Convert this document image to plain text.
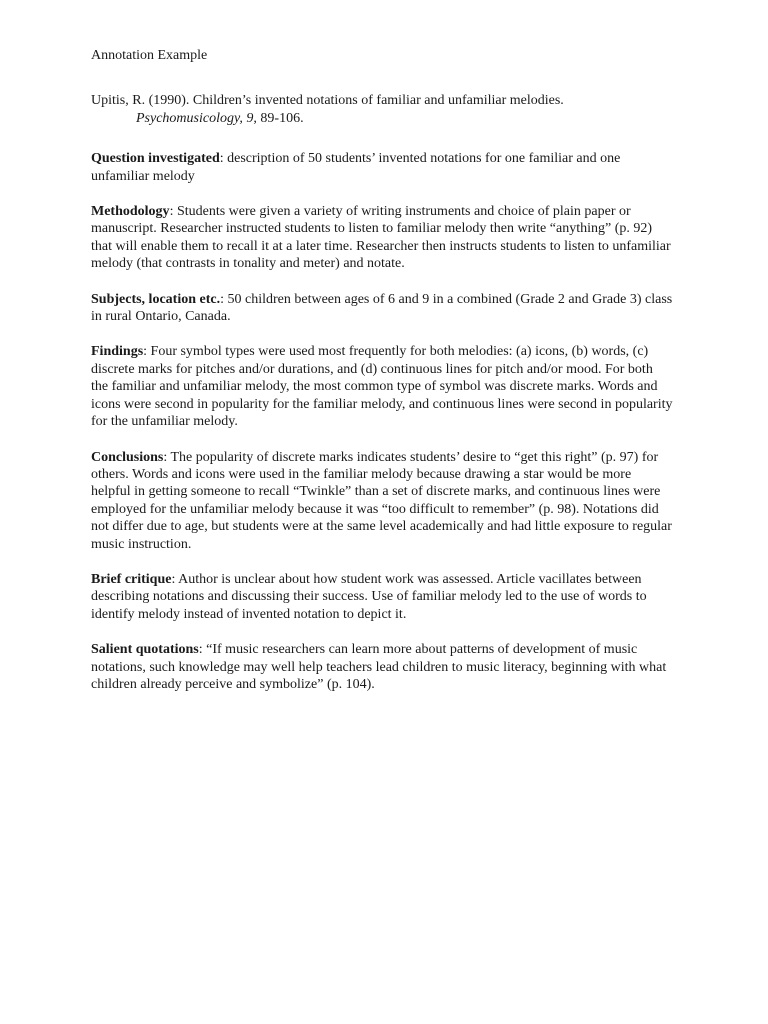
Annotation Example

Upitis, R. (1990). Children’s invented notations of familiar and unfamiliar melodies. Psychomusicology, 9, 89-106.

Question investigated: description of 50 students’ invented notations for one familiar and one unfamiliar melody

Methodology: Students were given a variety of writing instruments and choice of plain paper or manuscript. Researcher instructed students to listen to familiar melody then write “anything” (p. 92) that will enable them to recall it at a later time. Researcher then instructs students to listen to unfamiliar melody (that contrasts in tonality and meter) and notate.

Subjects, location etc.: 50 children between ages of 6 and 9 in a combined (Grade 2 and Grade 3) class in rural Ontario, Canada.

Findings: Four symbol types were used most frequently for both melodies: (a) icons, (b) words, (c) discrete marks for pitches and/or durations, and (d) continuous lines for pitch and/or mood. For both the familiar and unfamiliar melody, the most common type of symbol was discrete marks. Words and icons were second in popularity for the familiar melody, and continuous lines were second in popularity for the unfamiliar melody.

Conclusions: The popularity of discrete marks indicates students’ desire to “get this right” (p. 97) for others. Words and icons were used in the familiar melody because drawing a star would be more helpful in getting someone to recall “Twinkle” than a set of discrete marks, and continuous lines were employed for the unfamiliar melody because it was “too difficult to remember” (p. 98). Notations did not differ due to age, but students were at the same level academically and had little exposure to regular music instruction.

Brief critique: Author is unclear about how student work was assessed. Article vacillates between describing notations and discussing their success. Use of familiar melody led to the use of words to identify melody instead of invented notation to depict it.

Salient quotations: “If music researchers can learn more about patterns of development of music notations, such knowledge may well help teachers lead children to music literacy, beginning with what children already perceive and symbolize” (p. 104).
